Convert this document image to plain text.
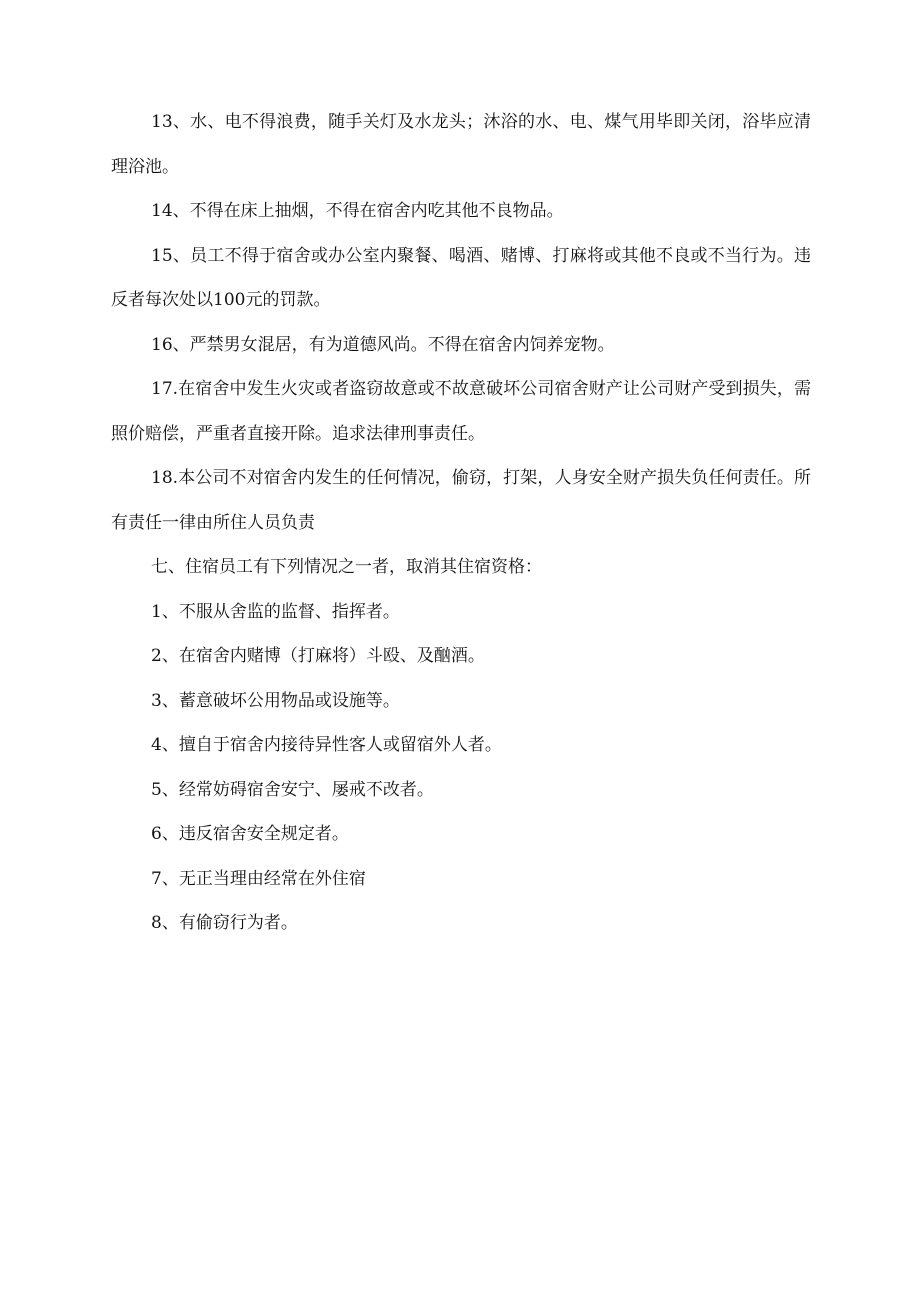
13、水、电不得浪费，随手关灯及水龙头；沐浴的水、电、煤气用毕即关闭，浴毕应清理浴池。

14、不得在床上抽烟，不得在宿舍内吃其他不良物品。

15、员工不得于宿舍或办公室内聚餐、喝酒、赌博、打麻将或其他不良或不当行为。违反者每次处以100元的罚款。

16、严禁男女混居，有为道德风尚。不得在宿舍内饲养宠物。

17.在宿舍中发生火灾或者盗窃故意或不故意破坏公司宿舍财产让公司财产受到损失，需照价赔偿，严重者直接开除。追求法律刑事责任。

18.本公司不对宿舍内发生的任何情况，偷窃，打架，人身安全财产损失负任何责任。所有责任一律由所住人员负责

七、住宿员工有下列情况之一者，取消其住宿资格：

1、不服从舍监的监督、指挥者。

2、在宿舍内赌博（打麻将）斗殴、及酗酒。

3、蓄意破坏公用物品或设施等。

4、擅自于宿舍内接待异性客人或留宿外人者。

5、经常妨碍宿舍安宁、屡戒不改者。

6、违反宿舍安全规定者。

7、无正当理由经常在外住宿

8、有偷窃行为者。
